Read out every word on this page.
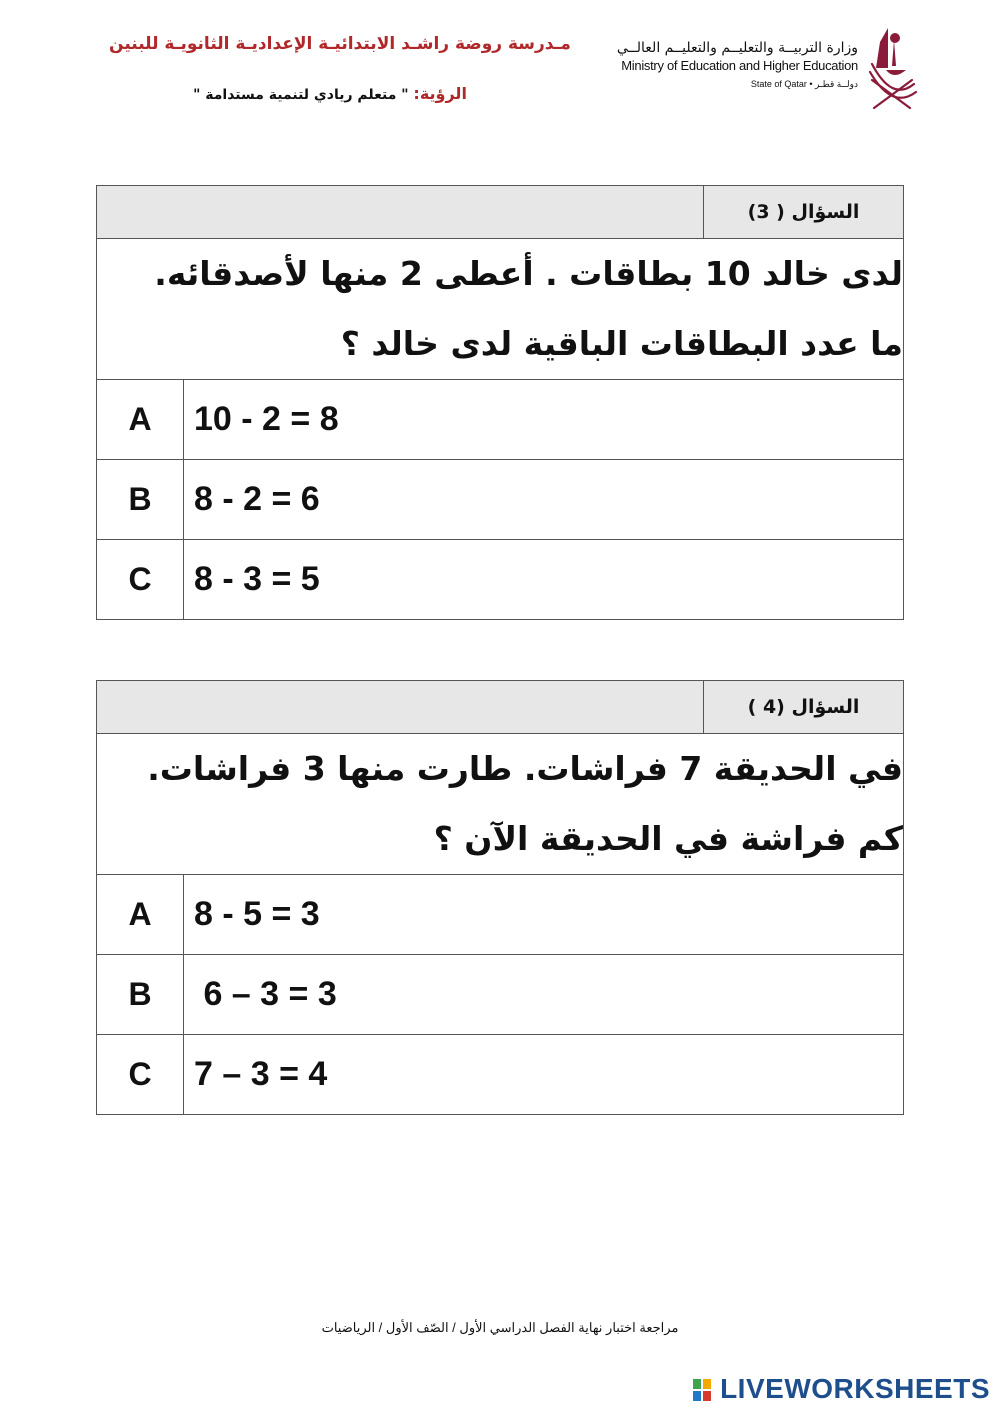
مـدرسة روضة راشـد الابتدائيـة الإعداديـة الثانويـة للبنين
الرؤية: " متعلم ريادي لتنمية مستدامة "
وزارة التربيــة والتعليــم والتعليــم العالــي
Ministry of Education and Higher Education
State of Qatar • دولــة قطـر
		السؤال ( 3)

لدى خالد 10 بطاقات . أعطى 2 منها لأصدقائه.
ما عدد البطاقات الباقية لدى خالد ؟		

A	10 - 2 = 8	
B	8 - 2 = 6	
C	8 - 3 = 5	
		السؤال (4 )

في الحديقة 7 فراشات. طارت منها 3 فراشات.
كم فراشة في الحديقة الآن ؟		

A	8 - 5 = 3	
B	6 – 3 = 3	
C	7 – 3 = 4	
مراجعة اختبار نهاية الفصل الدراسي الأول / الصّف الأول / الرياضيات
LIVEWORKSHEETS
